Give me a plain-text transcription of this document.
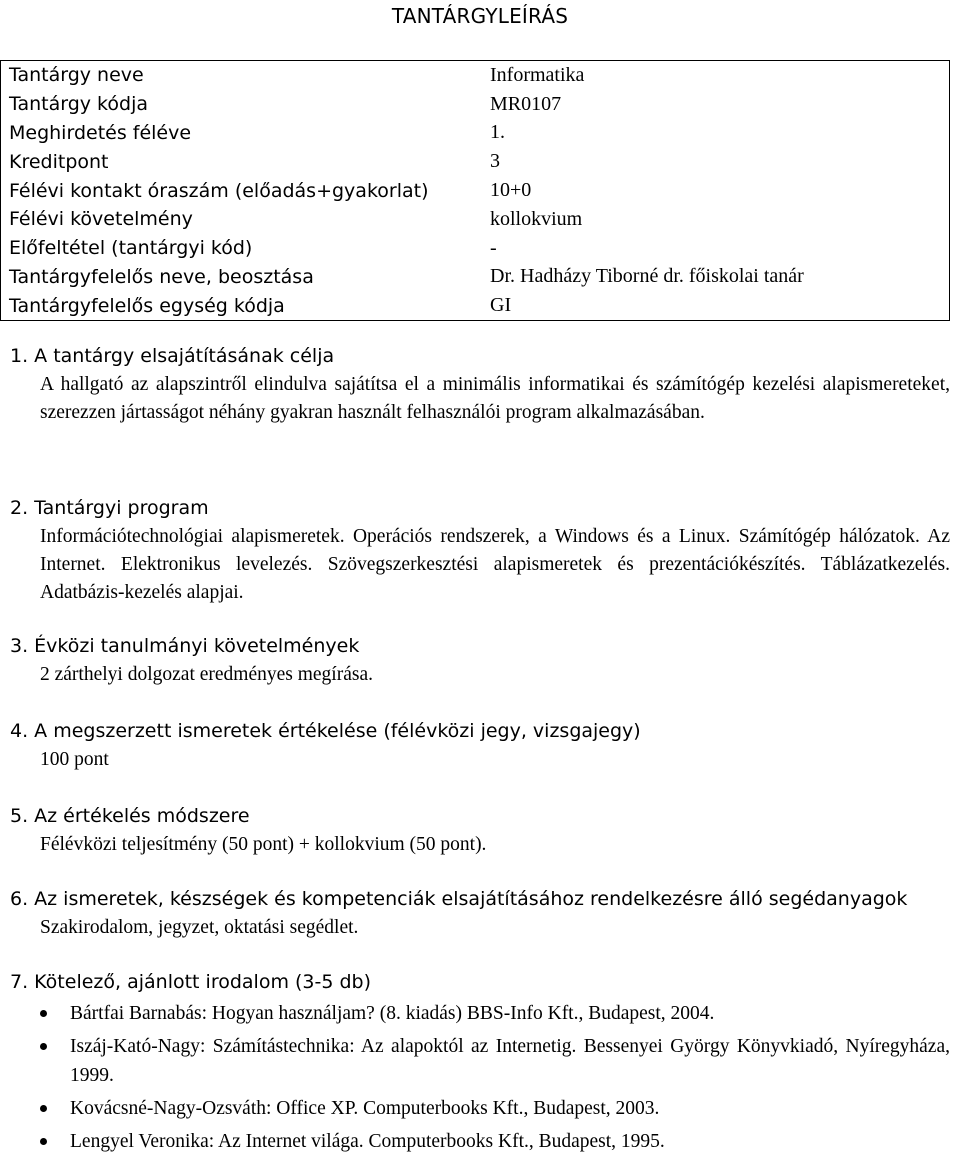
TANTÁRGYLEÍRÁS
Tantárgy neve	Informatika
Tantárgy kódja	MR0107
Meghirdetés féléve	1.
Kreditpont	3
Félévi kontakt óraszám (előadás+gyakorlat)	10+0
Félévi követelmény	kollokvium
Előfeltétel (tantárgyi kód)	-
Tantárgyfelelős neve, beosztása	Dr. Hadházy Tiborné dr. főiskolai tanár
Tantárgyfelelős egység kódja	GI
1. A tantárgy elsajátításának célja
A hallgató az alapszintről elindulva sajátítsa el a minimális informatikai és számítógép kezelési alapismereteket, szerezzen jártasságot néhány gyakran használt felhasználói program alkalmazásában.
2. Tantárgyi program
Információtechnológiai alapismeretek. Operációs rendszerek, a Windows és a Linux. Számítógép hálózatok. Az Internet. Elektronikus levelezés. Szövegszerkesztési alapismeretek és prezentációkészítés. Táblázatkezelés. Adatbázis-kezelés alapjai.
3. Évközi tanulmányi követelmények
2 zárthelyi dolgozat eredményes megírása.
4. A megszerzett ismeretek értékelése (félévközi jegy, vizsgajegy)
100 pont
5. Az értékelés módszere
Félévközi teljesítmény (50 pont) + kollokvium (50 pont).
6. Az ismeretek, készségek és kompetenciák elsajátításához rendelkezésre álló segédanyagok
Szakirodalom, jegyzet, oktatási segédlet.
7. Kötelező, ajánlott irodalom (3-5 db)
Bártfai Barnabás: Hogyan használjam? (8. kiadás) BBS-Info Kft., Budapest, 2004.
Iszáj-Kató-Nagy: Számítástechnika: Az alapoktól az Internetig. Bessenyei György Könyvkiadó, Nyíregyháza, 1999.
Kovácsné-Nagy-Ozsváth: Office XP. Computerbooks Kft., Budapest, 2003.
Lengyel Veronika: Az Internet világa. Computerbooks Kft., Budapest, 1995.
